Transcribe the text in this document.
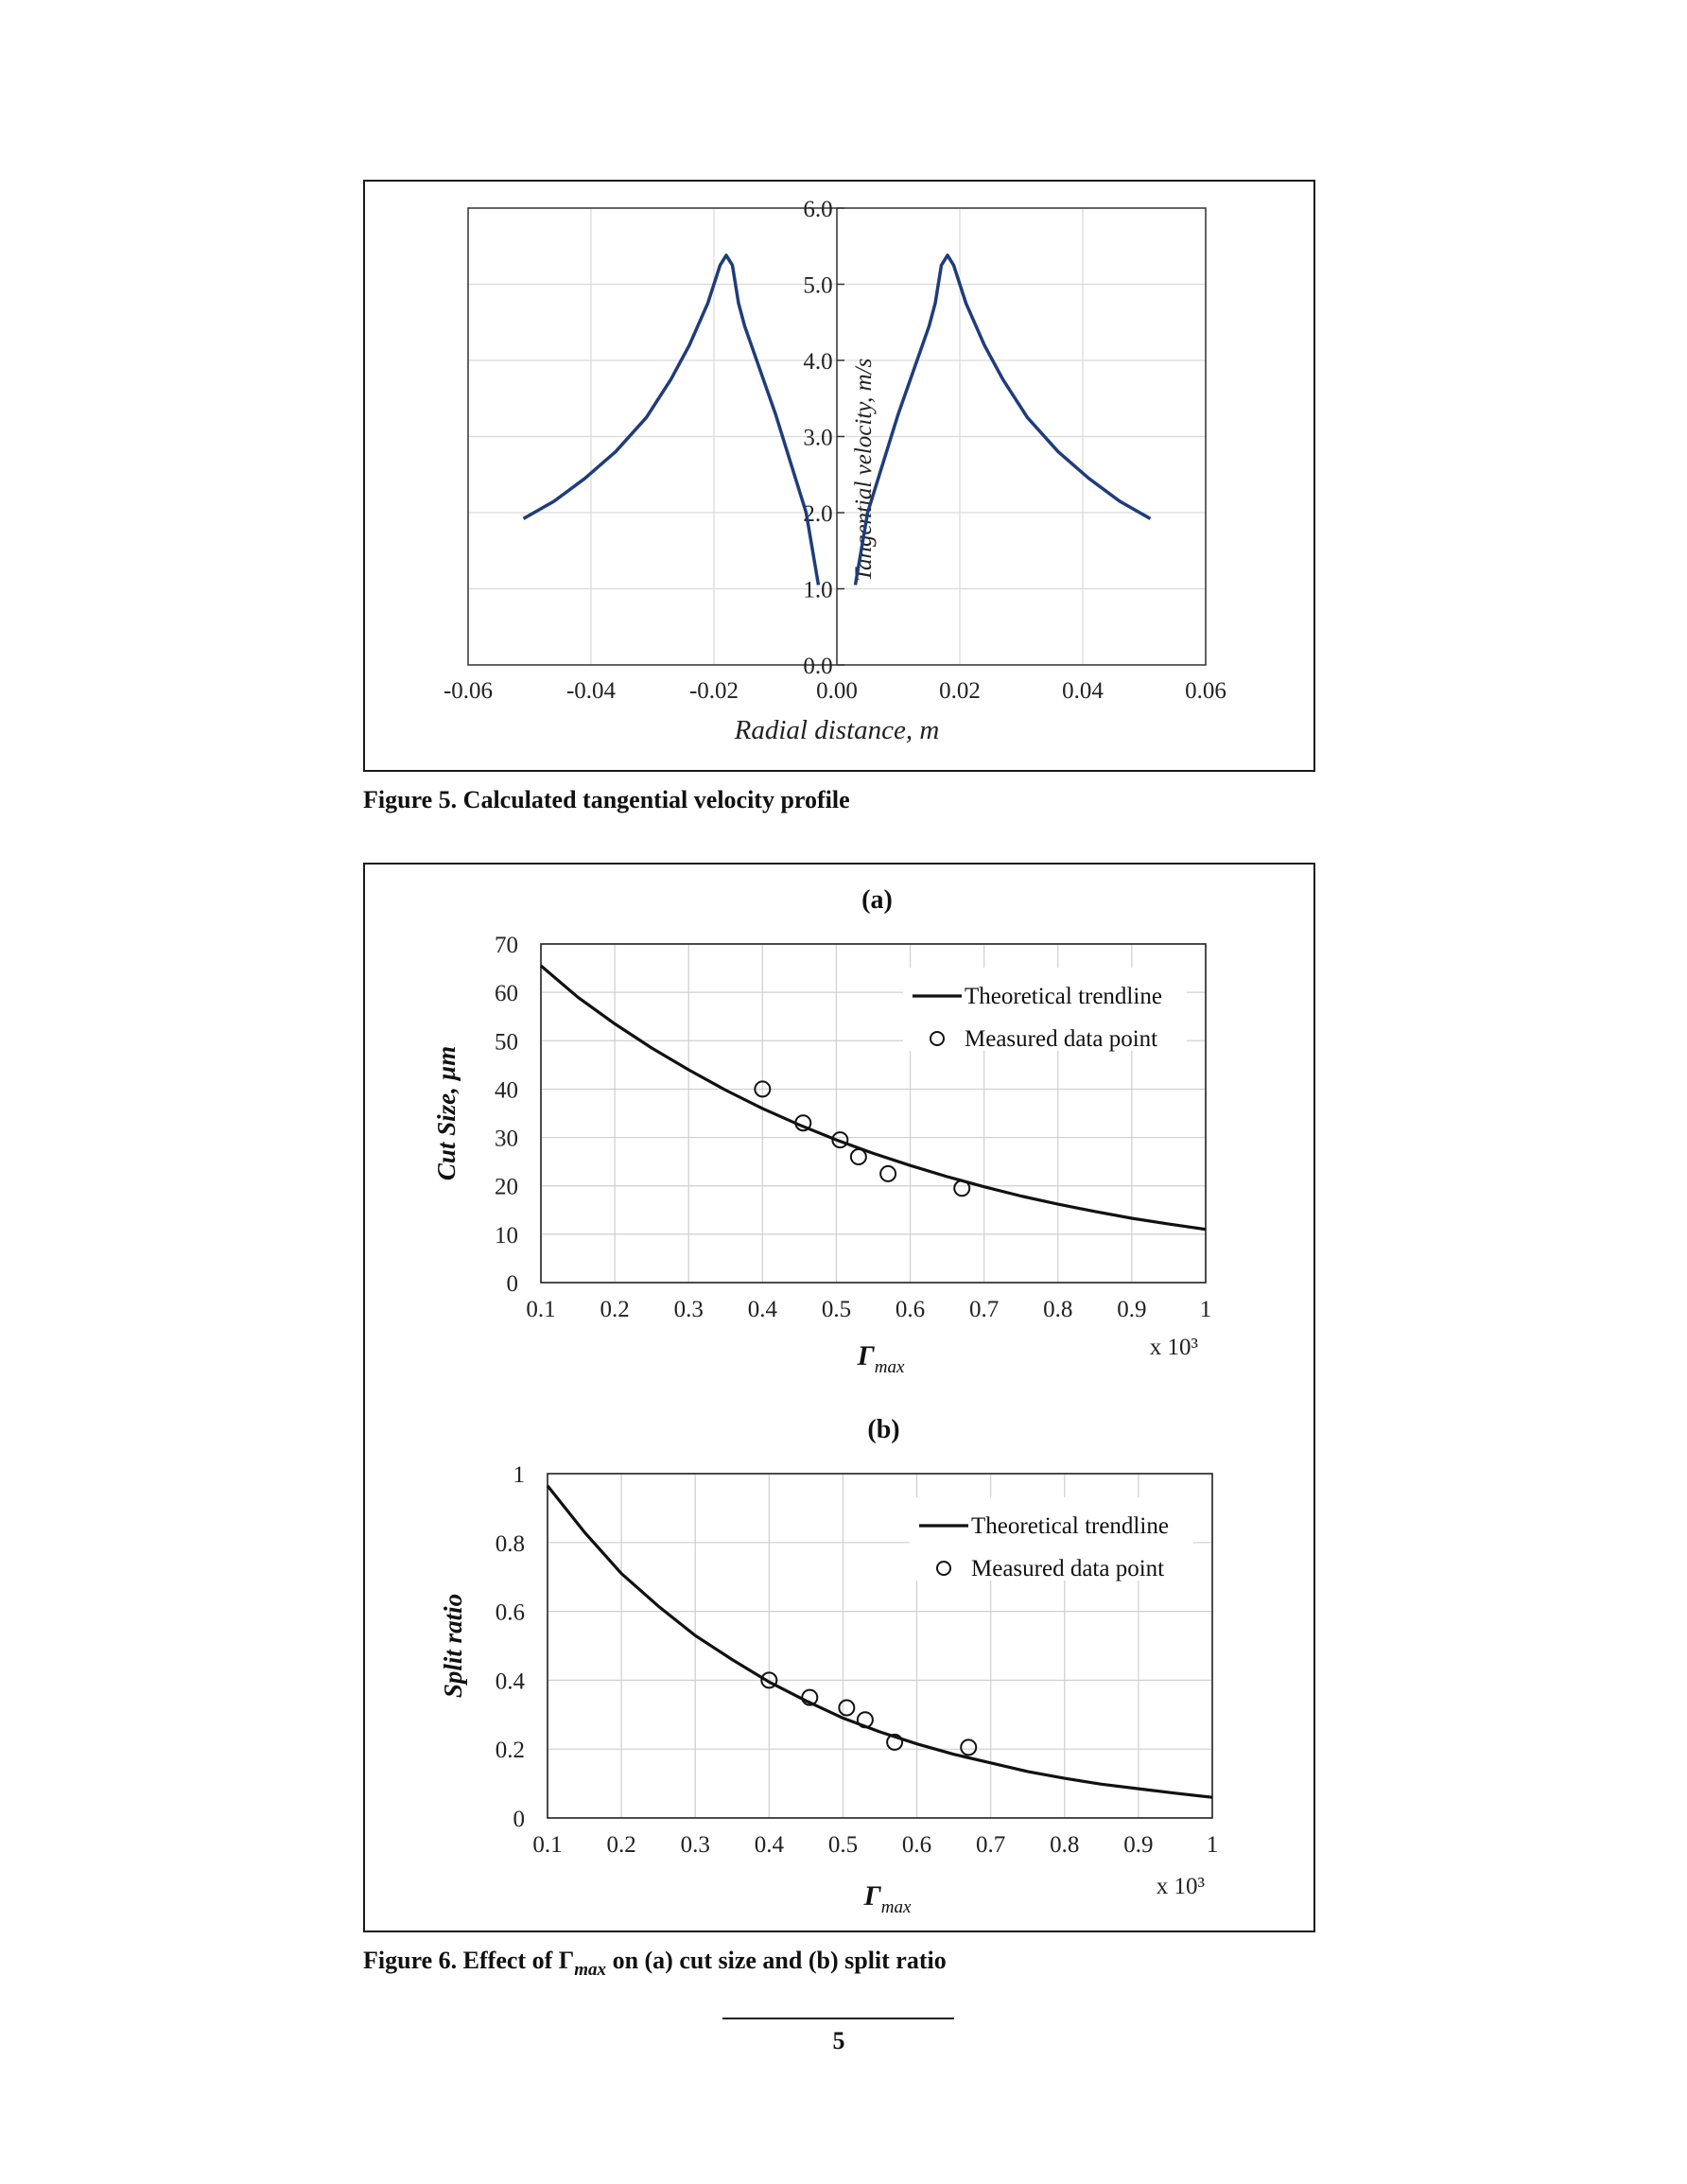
-0.06	-0.04	-0.02	0.00	0.02	0.04	0.06
0.0
1.0
2.0
3.0
4.0
5.0
6.0
Radial distance, m
Tangential velocity, m/s
Figure 5. Calculated tangential velocity profile
(a)
0.1 0.2 0.3 0.4 0.5 0.6 0.7 0.8 0.9 1
0
10
20
30
40
50
60
70
$\Gamma_{max}$
x 10³
Cut Size, µm
Theoretical trendline
Measured data point
(b)
0.1 0.2 0.3 0.4 0.5 0.6 0.7 0.8 0.9 1
0
0.2
0.4
0.6
0.8
1
$\Gamma_{max}$
x 10³
Split ratio
Theoretical trendline
Measured data point
Figure 6. Effect of $\Gamma_{max}$ on (a) cut size and (b) split ratio
5
